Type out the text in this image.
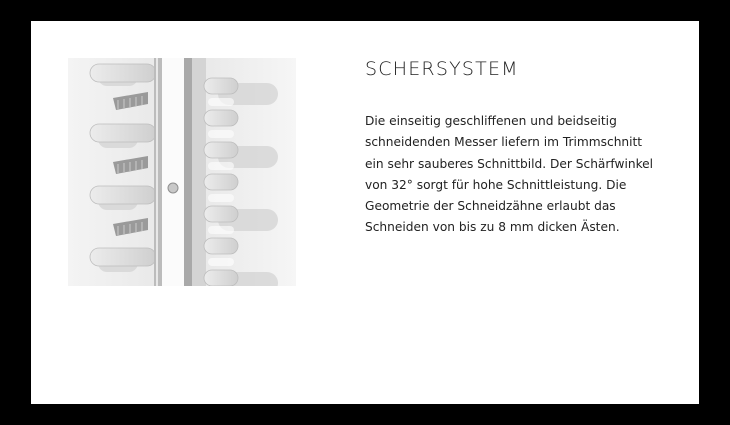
SCHERSYSTEM
Die einseitig geschliffenen und beidseitig
schneidenden Messer liefern im Trimmschnitt
ein sehr sauberes Schnittbild. Der Schärfwinkel
von 32° sorgt für hohe Schnittleistung. Die
Geometrie der Schneidzähne erlaubt das
Schneiden von bis zu 8 mm dicken Ästen.
